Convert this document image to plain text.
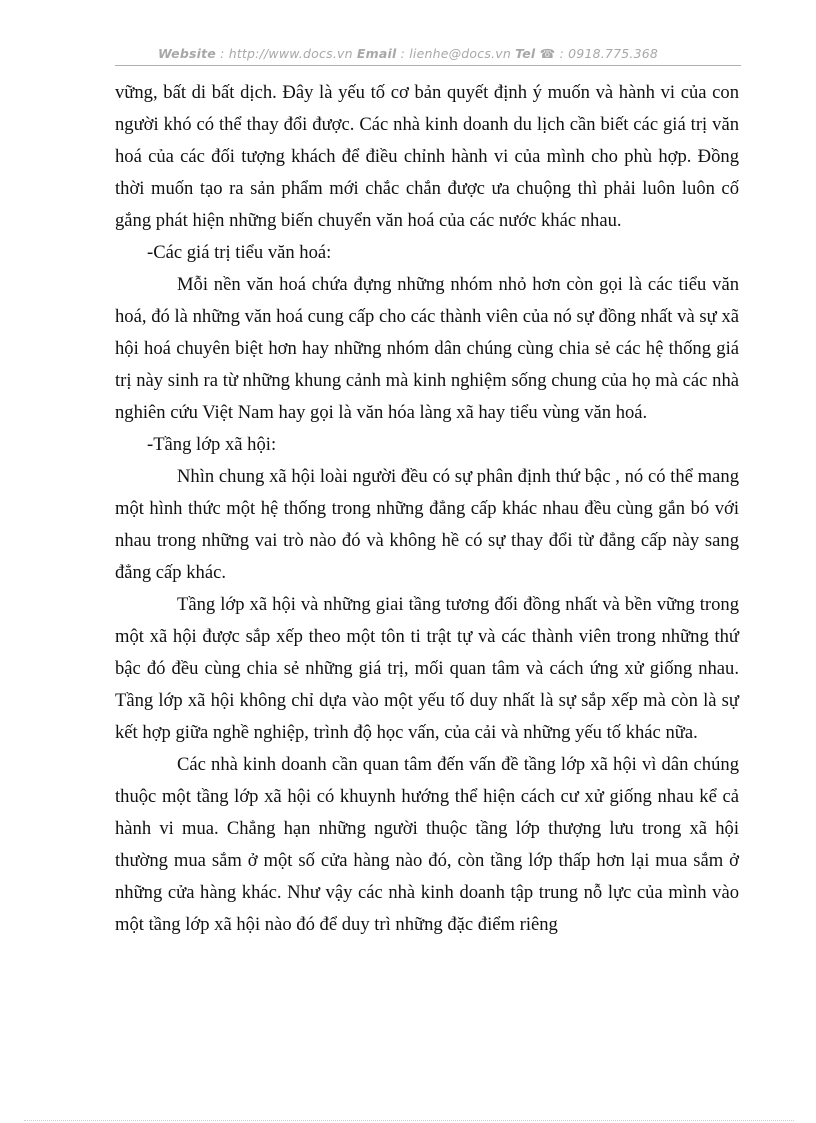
Website : http://www.docs.vn Email : lienhe@docs.vn Tel ☎ : 0918.775.368

vững, bất di bất dịch. Đây là yếu tố cơ bản quyết định ý muốn và hành vi của con người khó có thể thay đổi được. Các nhà kinh doanh du lịch cần biết các giá trị văn hoá của các đối tượng khách để điều chỉnh hành vi của mình cho phù hợp. Đồng thời muốn tạo ra sản phẩm mới chắc chắn được ưa chuộng thì phải luôn luôn cố gắng phát hiện những biến chuyển văn hoá của các nước khác nhau.

-Các giá trị tiểu văn hoá:

Mỗi nền văn hoá chứa đựng những nhóm nhỏ hơn còn gọi là các tiểu văn hoá, đó là những văn hoá cung cấp cho các thành viên của nó sự đồng nhất và sự xã hội hoá chuyên biệt hơn hay những nhóm dân chúng cùng chia sẻ các hệ thống giá trị này sinh ra từ những khung cảnh mà kinh nghiệm sống chung của họ mà các nhà nghiên cứu Việt Nam hay gọi là văn hóa làng xã hay tiểu vùng văn hoá.

-Tầng lớp xã hội:

Nhìn chung xã hội loài người đều có sự phân định thứ bậc , nó có thể mang một hình thức một hệ thống trong những đẳng cấp khác nhau đều cùng gắn bó với nhau trong những vai trò nào đó và không hề có sự thay đổi từ đẳng cấp này sang đẳng cấp khác.

Tầng lớp xã hội và những giai tầng tương đối đồng nhất và bền vững trong một xã hội được sắp xếp theo một tôn ti trật tự và các thành viên trong những thứ bậc đó đều cùng chia sẻ những giá trị, mối quan tâm và cách ứng xử giống nhau. Tầng lớp xã hội không chỉ dựa vào một yếu tố duy nhất là sự sắp xếp mà còn là sự kết hợp giữa nghề nghiệp, trình độ học vấn, của cải và những yếu tố khác nữa.

Các nhà kinh doanh cần quan tâm đến vấn đề tầng lớp xã hội vì dân chúng thuộc một tầng lớp xã hội có khuynh hướng thể hiện cách cư xử giống nhau kể cả hành vi mua. Chẳng hạn những người thuộc tầng lớp thượng lưu trong xã hội thường mua sắm ở một số cửa hàng nào đó, còn tầng lớp thấp hơn lại mua sắm ở những cửa hàng khác. Như vậy các nhà kinh doanh tập trung nỗ lực của mình vào một tầng lớp xã hội nào đó để duy trì những đặc điểm riêng
